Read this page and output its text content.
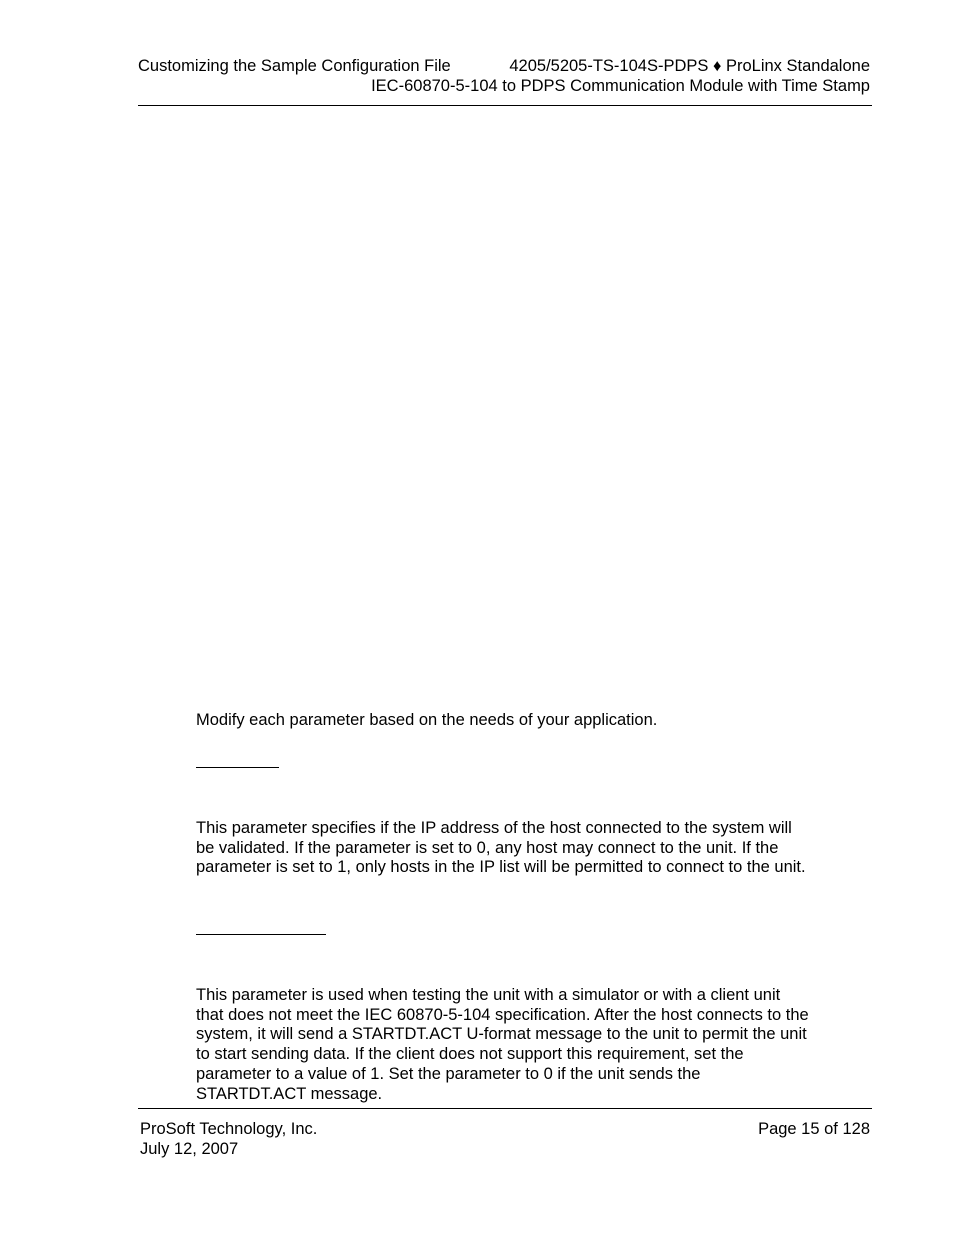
Customizing the Sample Configuration File	4205/5205-TS-104S-PDPS ♦ ProLinx Standalone
IEC-60870-5-104 to PDPS Communication Module with Time Stamp

Modify each parameter based on the needs of your application.

This parameter specifies if the IP address of the host connected to the system will be validated. If the parameter is set to 0, any host may connect to the unit. If the parameter is set to 1, only hosts in the IP list will be permitted to connect to the unit.

This parameter is used when testing the unit with a simulator or with a client unit that does not meet the IEC 60870-5-104 specification. After the host connects to the system, it will send a STARTDT.ACT U-format message to the unit to permit the unit to start sending data. If the client does not support this requirement, set the parameter to a value of 1. Set the parameter to 0 if the unit sends the STARTDT.ACT message.

ProSoft Technology, Inc.	Page 15 of 128
July 12, 2007
